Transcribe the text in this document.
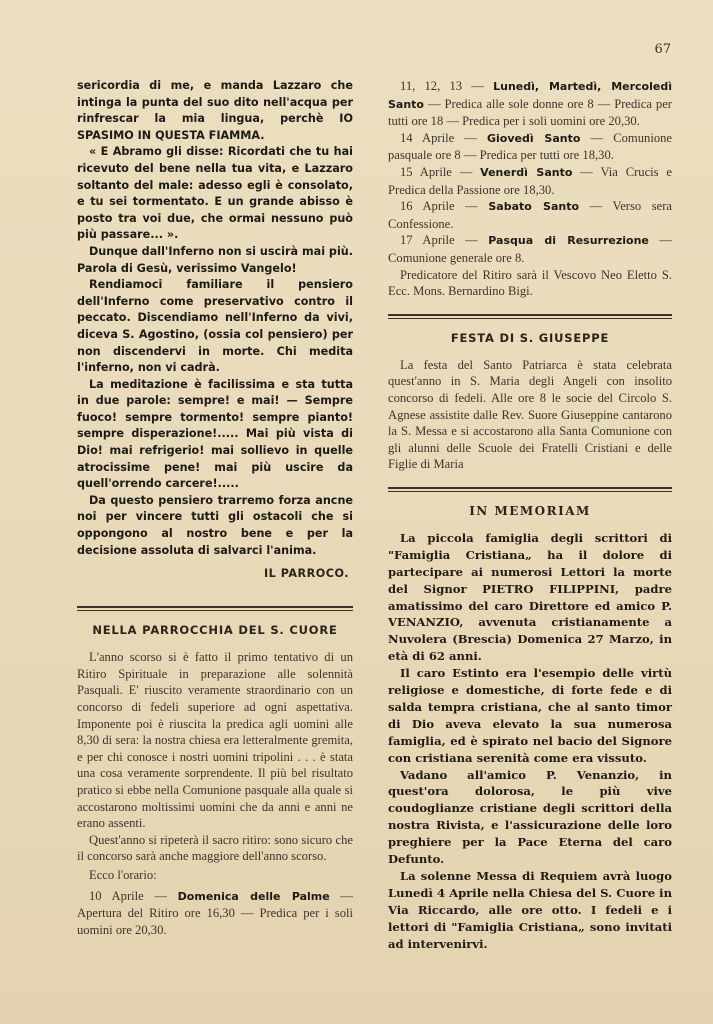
67

sericordia di me, e manda Lazzaro che intinga la punta del suo dito nell'acqua per rinfrescar la mia lingua, perchè IO SPASIMO IN QUESTA FIAMMA.

« E Abramo gli disse: Ricordati che tu hai ricevuto del bene nella tua vita, e Lazzaro soltanto del male: adesso egli è consolato, e tu sei tormentato. E un grande abisso è posto tra voi due, che ormai nessuno può più passare... ».

Dunque dall'Inferno non si uscirà mai più. Parola di Gesù, verissimo Vangelo!

Rendiamoci familiare il pensiero dell'Inferno come preservativo contro il peccato. Discendiamo nell'Inferno da vivi, diceva S. Agostino, (ossia col pensiero) per non discendervi in morte. Chi medita l'inferno, non vi cadrà.

La meditazione è facilissima e sta tutta in due parole: sempre! e mai! — Sempre fuoco! sempre tormento! sempre pianto! sempre disperazione!..... Mai più vista di Dio! mai refrigerio! mai sollievo in quelle atrocissime pene! mai più uscire da quell'orrendo carcere!.....

Da questo pensiero trarremo forza ancne noi per vincere tutti gli ostacoli che si oppongono al nostro bene e per la decisione assoluta di salvarci l'anima.

IL PARROCO.
NELLA PARROCCHIA DEL S. CUORE

L'anno scorso si è fatto il primo tentativo di un Ritiro Spirituale in preparazione alle solennità Pasquali. E' riuscito veramente straordinario con un concorso di fedeli superiore ad ogni aspettativa. Imponente poi è riuscita la predica agli uomini alle 8,30 di sera: la nostra chiesa era letteralmente gremita, e per chi conosce i nostri uomini tripolini . . . è stata una cosa veramente sorprendente. Il più bel risultato pratico si ebbe nella Comunione pasquale alla quale si accostarono moltissimi uomini che da anni e anni ne erano assenti.

Quest'anno si ripeterà il sacro ritiro: sono sicuro che il concorso sarà anche maggiore dell'anno scorso.

Ecco l'orario:

10 Aprile — Domenica delle Palme — Apertura del Ritiro ore 16,30 — Predica per i soli uomini ore 20,30.

11, 12, 13 — Lunedì, Martedì, Mercoledì Santo — Predica alle sole donne ore 8 — Predica per tutti ore 18 — Predica per i soli uomini ore 20,30.

14 Aprile — Giovedì Santo — Comunione pasquale ore 8 — Predica per tutti ore 18,30.

15 Aprile — Venerdì Santo — Via Crucis e Predica della Passione ore 18,30.

16 Aprile — Sabato Santo — Verso sera Confessione.

17 Aprile — Pasqua di Resurrezione — Comunione generale ore 8.

Predicatore del Ritiro sarà il Vescovo Neo Eletto S. Ecc. Mons. Bernardino Bigi.

FESTA DI S. GIUSEPPE

La festa del Santo Patriarca è stata celebrata quest'anno in S. Maria degli Angeli con insolito concorso di fedeli. Alle ore 8 le socie del Circolo S. Agnese assistite dalle Rev. Suore Giuseppine cantarono la S. Messa e si accostarono alla Santa Comunione con gli alunni delle Scuole dei Fratelli Cristiani e delle Figlie di Maria

IN MEMORIAM

La piccola famiglia degli scrittori di "Famiglia Cristiana„ ha il dolore di partecipare ai numerosi Lettori la morte del Signor PIETRO FILIPPINI, padre amatissimo del caro Direttore ed amico P. VENANZIO, avvenuta cristianamente a Nuvolera (Brescia) Domenica 27 Marzo, in età di 62 anni.

Il caro Estinto era l'esempio delle virtù religiose e domestiche, di forte fede e di salda tempra cristiana, che al santo timor di Dio aveva elevato la sua numerosa famiglia, ed è spirato nel bacio del Signore con cristiana serenità come era vissuto.

Vadano all'amico P. Venanzio, in quest'ora dolorosa, le più vive coudoglianze cristiane degli scrittori della nostra Rivista, e l'assicurazione delle loro preghiere per la Pace Eterna del caro Defunto.

La solenne Messa di Requiem avrà luogo Lunedì 4 Aprile nella Chiesa del S. Cuore in Via Riccardo, alle ore otto. I fedeli e i lettori di "Famiglia Cristiana„ sono invitati ad intervenirvi.
